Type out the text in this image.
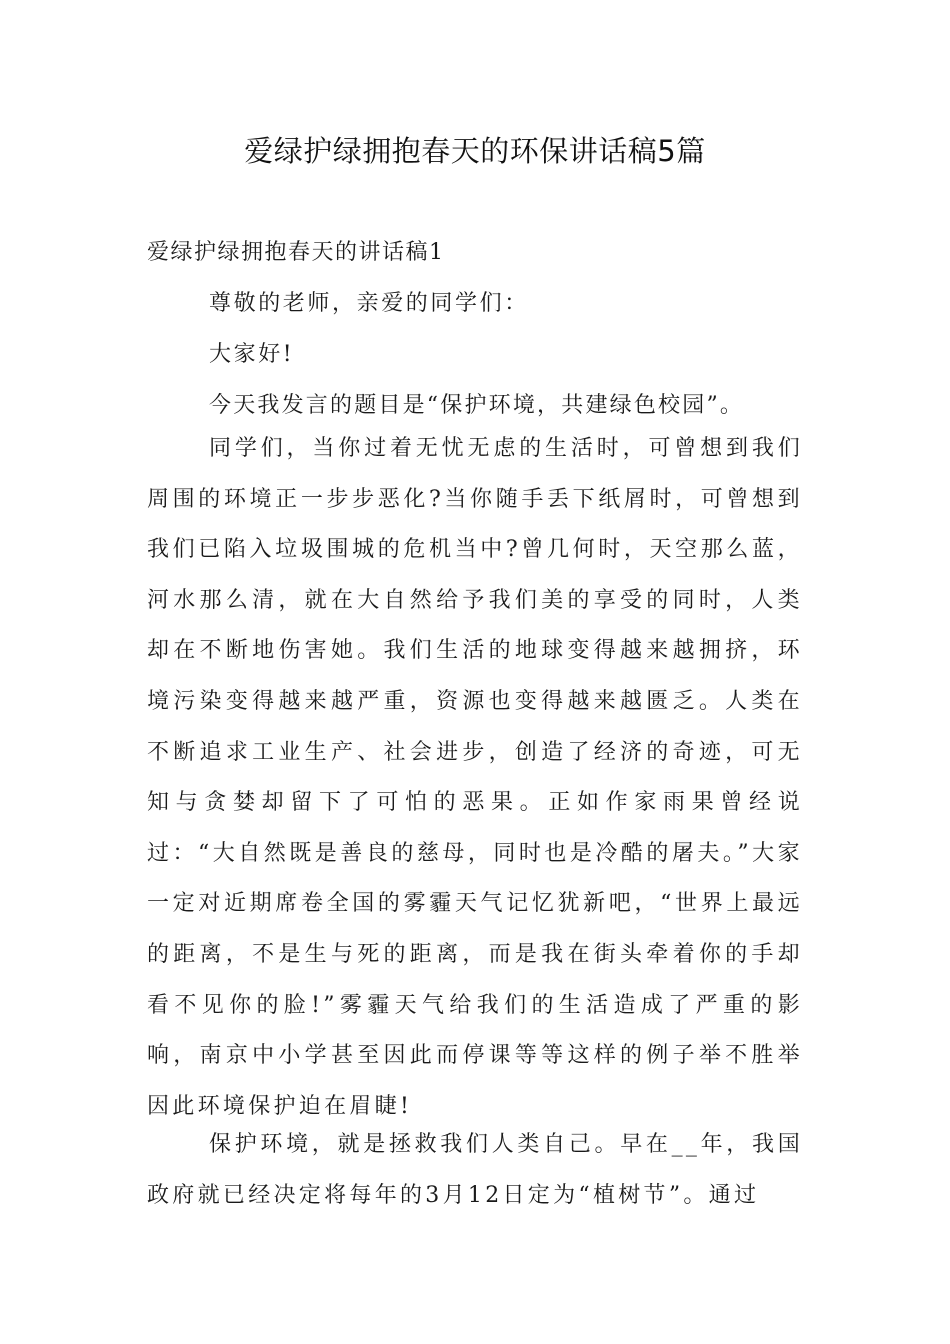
爱绿护绿拥抱春天的环保讲话稿5篇
爱绿护绿拥抱春天的讲话稿1
尊敬的老师，亲爱的同学们：
大家好!
今天我发言的题目是“保护环境，共建绿色校园”。
同学们，当你过着无忧无虑的生活时，可曾想到我们周围的环境正一步步恶化?当你随手丢下纸屑时，可曾想到我们已陷入垃圾围城的危机当中?曾几何时，天空那么蓝，河水那么清，就在大自然给予我们美的享受的同时，人类却在不断地伤害她。我们生活的地球变得越来越拥挤，环境污染变得越来越严重，资源也变得越来越匮乏。人类在不断追求工业生产、社会进步，创造了经济的奇迹，可无知与贪婪却留下了可怕的恶果。正如作家雨果曾经说过：“大自然既是善良的慈母，同时也是冷酷的屠夫。”大家一定对近期席卷全国的雾霾天气记忆犹新吧，“世界上最远的距离，不是生与死的距离，而是我在街头牵着你的手却看不见你的脸!”雾霾天气给我们的生活造成了严重的影响，南京中小学甚至因此而停课等等这样的例子举不胜举因此环境保护迫在眉睫!
保护环境，就是拯救我们人类自己。早在__年，我国政府就已经决定将每年的3月12日定为“植树节”。通过
